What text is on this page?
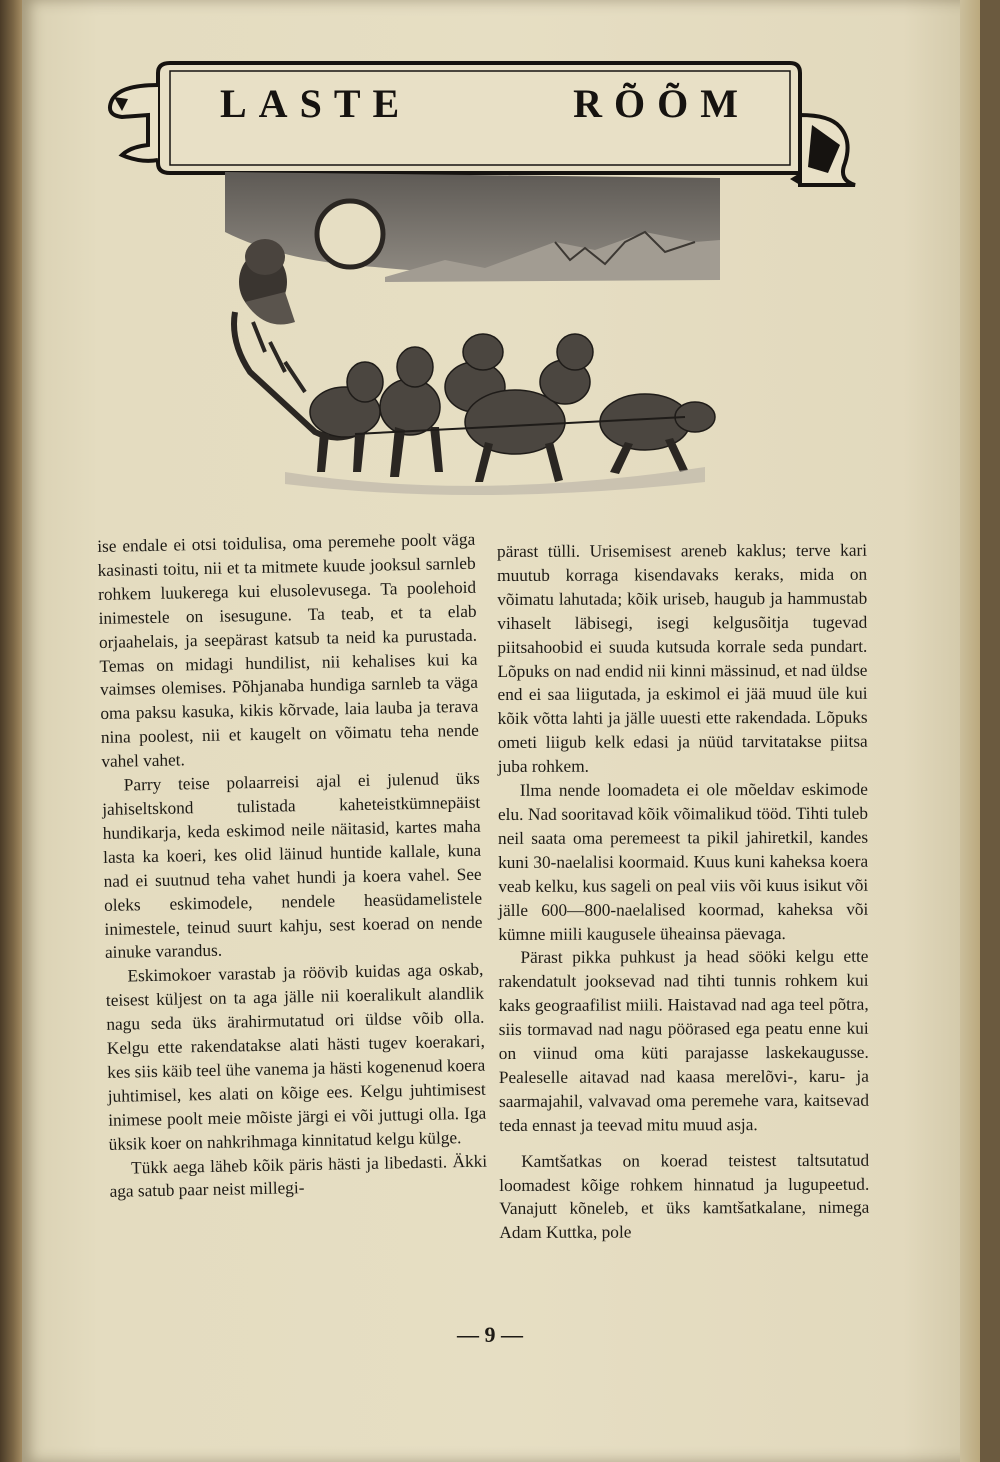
LASTE	RÕÕM

ise endale ei otsi toidulisa, oma peremehe poolt väga kasinasti toitu, nii et ta mitmete kuude jooksul sarnleb rohkem luukerega kui elusolevusega. Ta poolehoid inimestele on isesugune. Ta teab, et ta elab orjaahelais, ja seepärast katsub ta neid ka purustada. Temas on midagi hundilist, nii kehalises kui ka vaimses olemises. Põhjanaba hundiga sarnleb ta väga oma paksu kasuka, kikis kõrvade, laia lauba ja terava nina poolest, nii et kaugelt on võimatu teha nende vahel vahet.

Parry teise polaarreisi ajal ei julenud üks jahiseltskond tulistada kaheteistkümnepäist hundikarja, keda eskimod neile näitasid, kartes maha lasta ka koeri, kes olid läinud huntide kallale, kuna nad ei suutnud teha vahet hundi ja koera vahel. See oleks eskimodele, nendele heasüdamelistele inimestele, teinud suurt kahju, sest koerad on nende ainuke varandus.

Eskimokoer varastab ja röövib kuidas aga oskab, teisest küljest on ta aga jälle nii koeralikult alandlik nagu seda üks ärahirmutatud ori üldse võib olla. Kelgu ette rakendatakse alati hästi tugev koerakari, kes siis käib teel ühe vanema ja hästi kogenenud koera juhtimisel, kes alati on kõige ees. Kelgu juhtimisest inimese poolt meie mõiste järgi ei või juttugi olla. Iga üksik koer on nahkrihmaga kinnitatud kelgu külge.

Tükk aega läheb kõik päris hästi ja libedasti. Äkki aga satub paar neist millegi-

pärast tülli. Urisemisest areneb kaklus; terve kari muutub korraga kisendavaks keraks, mida on võimatu lahutada; kõik uriseb, haugub ja hammustab vihaselt läbisegi, isegi kelgusõitja tugevad piitsahoobid ei suuda kutsuda korrale seda pundart. Lõpuks on nad endid nii kinni mässinud, et nad üldse end ei saa liigutada, ja eskimol ei jää muud üle kui kõik võtta lahti ja jälle uuesti ette rakendada. Lõpuks ometi liigub kelk edasi ja nüüd tarvitatakse piitsa juba rohkem.

Ilma nende loomadeta ei ole mõeldav eskimode elu. Nad sooritavad kõik võimalikud tööd. Tihti tuleb neil saata oma peremeest ta pikil jahiretkil, kandes kuni 30-naelalisi koormaid. Kuus kuni kaheksa koera veab kelku, kus sageli on peal viis või kuus isikut või jälle 600—800-naelalised koormad, kaheksa või kümne miili kaugusele üheainsa päevaga.

Pärast pikka puhkust ja head sööki kelgu ette rakendatult jooksevad nad tihti tunnis rohkem kui kaks geograafilist miili. Haistavad nad aga teel põtra, siis tormavad nad nagu pöörased ega peatu enne kui on viinud oma küti parajasse laskekaugusse. Pealeselle aitavad nad kaasa merelõvi-, karu- ja saarmajahil, valvavad oma peremehe vara, kaitsevad teda ennast ja teevad mitu muud asja.

Kamtšatkas on koerad teistest taltsutatud loomadest kõige rohkem hinnatud ja lugupeetud. Vanajutt kõneleb, et üks kamtšatkalane, nimega Adam Kuttka, pole

— 9 —
